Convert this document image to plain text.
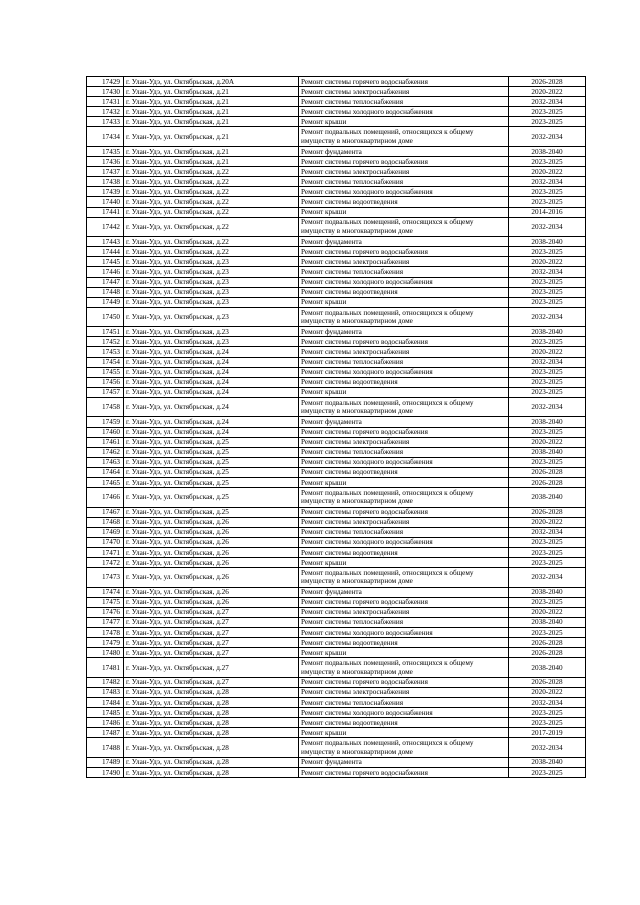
17429	г. Улан-Удэ, ул. Октябрьская, д.20А	Ремонт системы горячего водоснабжения	2026-2028
17430	г. Улан-Удэ, ул. Октябрьская, д.21	Ремонт системы электроснабжения	2020-2022
17431	г. Улан-Удэ, ул. Октябрьская, д.21	Ремонт системы теплоснабжения	2032-2034
17432	г. Улан-Удэ, ул. Октябрьская, д.21	Ремонт системы холодного водоснабжения	2023-2025
17433	г. Улан-Удэ, ул. Октябрьская, д.21	Ремонт крыши	2023-2025
17434	г. Улан-Удэ, ул. Октябрьская, д.21	Ремонт подвальных помещений, относящихся к общему имуществу в многоквартирном доме	2032-2034
17435	г. Улан-Удэ, ул. Октябрьская, д.21	Ремонт фундамента	2038-2040
17436	г. Улан-Удэ, ул. Октябрьская, д.21	Ремонт системы горячего водоснабжения	2023-2025
17437	г. Улан-Удэ, ул. Октябрьская, д.22	Ремонт системы электроснабжения	2020-2022
17438	г. Улан-Удэ, ул. Октябрьская, д.22	Ремонт системы теплоснабжения	2032-2034
17439	г. Улан-Удэ, ул. Октябрьская, д.22	Ремонт системы холодного водоснабжения	2023-2025
17440	г. Улан-Удэ, ул. Октябрьская, д.22	Ремонт системы водоотведения	2023-2025
17441	г. Улан-Удэ, ул. Октябрьская, д.22	Ремонт крыши	2014-2016
17442	г. Улан-Удэ, ул. Октябрьская, д.22	Ремонт подвальных помещений, относящихся к общему имуществу в многоквартирном доме	2032-2034
17443	г. Улан-Удэ, ул. Октябрьская, д.22	Ремонт фундамента	2038-2040
17444	г. Улан-Удэ, ул. Октябрьская, д.22	Ремонт системы горячего водоснабжения	2023-2025
17445	г. Улан-Удэ, ул. Октябрьская, д.23	Ремонт системы электроснабжения	2020-2022
17446	г. Улан-Удэ, ул. Октябрьская, д.23	Ремонт системы теплоснабжения	2032-2034
17447	г. Улан-Удэ, ул. Октябрьская, д.23	Ремонт системы холодного водоснабжения	2023-2025
17448	г. Улан-Удэ, ул. Октябрьская, д.23	Ремонт системы водоотведения	2023-2025
17449	г. Улан-Удэ, ул. Октябрьская, д.23	Ремонт крыши	2023-2025
17450	г. Улан-Удэ, ул. Октябрьская, д.23	Ремонт подвальных помещений, относящихся к общему имуществу в многоквартирном доме	2032-2034
17451	г. Улан-Удэ, ул. Октябрьская, д.23	Ремонт фундамента	2038-2040
17452	г. Улан-Удэ, ул. Октябрьская, д.23	Ремонт системы горячего водоснабжения	2023-2025
17453	г. Улан-Удэ, ул. Октябрьская, д.24	Ремонт системы электроснабжения	2020-2022
17454	г. Улан-Удэ, ул. Октябрьская, д.24	Ремонт системы теплоснабжения	2032-2034
17455	г. Улан-Удэ, ул. Октябрьская, д.24	Ремонт системы холодного водоснабжения	2023-2025
17456	г. Улан-Удэ, ул. Октябрьская, д.24	Ремонт системы водоотведения	2023-2025
17457	г. Улан-Удэ, ул. Октябрьская, д.24	Ремонт крыши	2023-2025
17458	г. Улан-Удэ, ул. Октябрьская, д.24	Ремонт подвальных помещений, относящихся к общему имуществу в многоквартирном доме	2032-2034
17459	г. Улан-Удэ, ул. Октябрьская, д.24	Ремонт фундамента	2038-2040
17460	г. Улан-Удэ, ул. Октябрьская, д.24	Ремонт системы горячего водоснабжения	2023-2025
17461	г. Улан-Удэ, ул. Октябрьская, д.25	Ремонт системы электроснабжения	2020-2022
17462	г. Улан-Удэ, ул. Октябрьская, д.25	Ремонт системы теплоснабжения	2038-2040
17463	г. Улан-Удэ, ул. Октябрьская, д.25	Ремонт системы холодного водоснабжения	2023-2025
17464	г. Улан-Удэ, ул. Октябрьская, д.25	Ремонт системы водоотведения	2026-2028
17465	г. Улан-Удэ, ул. Октябрьская, д.25	Ремонт крыши	2026-2028
17466	г. Улан-Удэ, ул. Октябрьская, д.25	Ремонт подвальных помещений, относящихся к общему имуществу в многоквартирном доме	2038-2040
17467	г. Улан-Удэ, ул. Октябрьская, д.25	Ремонт системы горячего водоснабжения	2026-2028
17468	г. Улан-Удэ, ул. Октябрьская, д.26	Ремонт системы электроснабжения	2020-2022
17469	г. Улан-Удэ, ул. Октябрьская, д.26	Ремонт системы теплоснабжения	2032-2034
17470	г. Улан-Удэ, ул. Октябрьская, д.26	Ремонт системы холодного водоснабжения	2023-2025
17471	г. Улан-Удэ, ул. Октябрьская, д.26	Ремонт системы водоотведения	2023-2025
17472	г. Улан-Удэ, ул. Октябрьская, д.26	Ремонт крыши	2023-2025
17473	г. Улан-Удэ, ул. Октябрьская, д.26	Ремонт подвальных помещений, относящихся к общему имуществу в многоквартирном доме	2032-2034
17474	г. Улан-Удэ, ул. Октябрьская, д.26	Ремонт фундамента	2038-2040
17475	г. Улан-Удэ, ул. Октябрьская, д.26	Ремонт системы горячего водоснабжения	2023-2025
17476	г. Улан-Удэ, ул. Октябрьская, д.27	Ремонт системы электроснабжения	2020-2022
17477	г. Улан-Удэ, ул. Октябрьская, д.27	Ремонт системы теплоснабжения	2038-2040
17478	г. Улан-Удэ, ул. Октябрьская, д.27	Ремонт системы холодного водоснабжения	2023-2025
17479	г. Улан-Удэ, ул. Октябрьская, д.27	Ремонт системы водоотведения	2026-2028
17480	г. Улан-Удэ, ул. Октябрьская, д.27	Ремонт крыши	2026-2028
17481	г. Улан-Удэ, ул. Октябрьская, д.27	Ремонт подвальных помещений, относящихся к общему имуществу в многоквартирном доме	2038-2040
17482	г. Улан-Удэ, ул. Октябрьская, д.27	Ремонт системы горячего водоснабжения	2026-2028
17483	г. Улан-Удэ, ул. Октябрьская, д.28	Ремонт системы электроснабжения	2020-2022
17484	г. Улан-Удэ, ул. Октябрьская, д.28	Ремонт системы теплоснабжения	2032-2034
17485	г. Улан-Удэ, ул. Октябрьская, д.28	Ремонт системы холодного водоснабжения	2023-2025
17486	г. Улан-Удэ, ул. Октябрьская, д.28	Ремонт системы водоотведения	2023-2025
17487	г. Улан-Удэ, ул. Октябрьская, д.28	Ремонт крыши	2017-2019
17488	г. Улан-Удэ, ул. Октябрьская, д.28	Ремонт подвальных помещений, относящихся к общему имуществу в многоквартирном доме	2032-2034
17489	г. Улан-Удэ, ул. Октябрьская, д.28	Ремонт фундамента	2038-2040
17490	г. Улан-Удэ, ул. Октябрьская, д.28	Ремонт системы горячего водоснабжения	2023-2025
